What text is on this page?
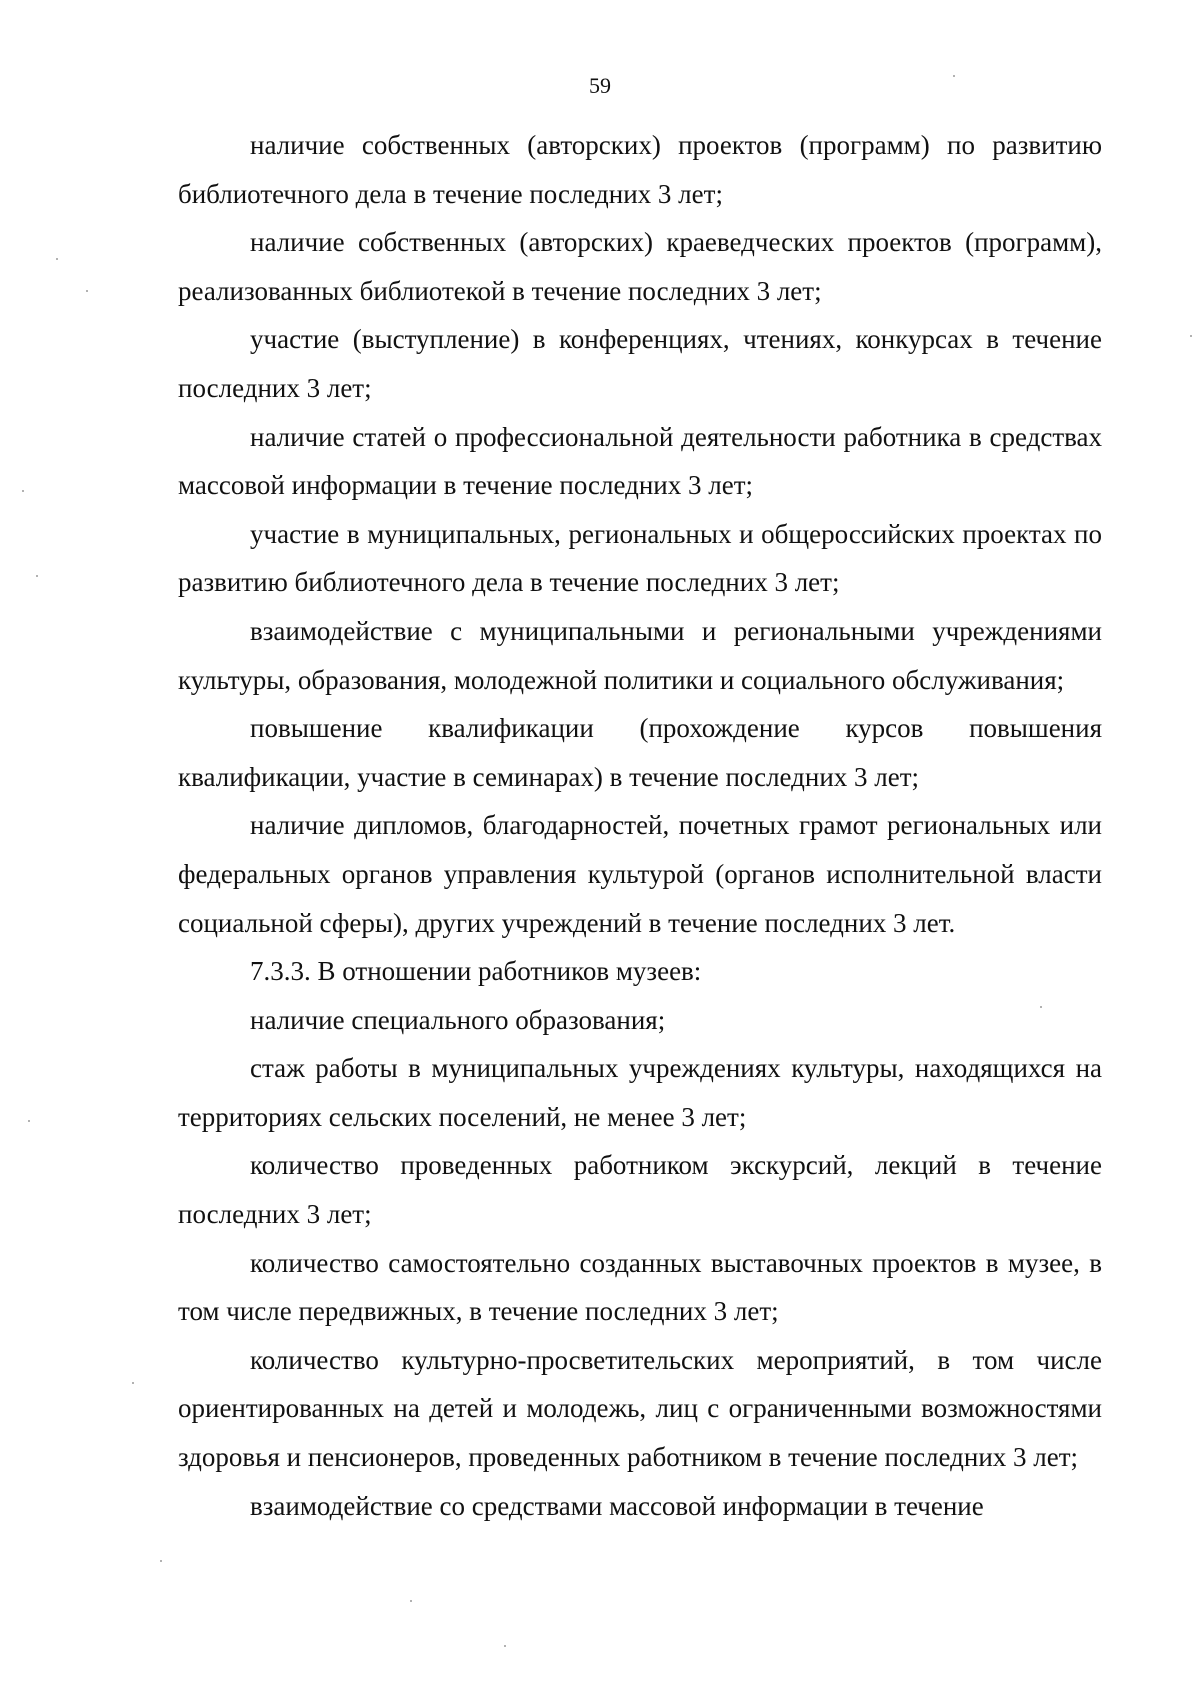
59

наличие собственных (авторских) проектов (программ) по развитию библиотечного дела в течение последних 3 лет;

наличие собственных (авторских) краеведческих проектов (программ), реализованных библиотекой в течение последних 3 лет;

участие (выступление) в конференциях, чтениях, конкурсах в течение последних 3 лет;

наличие статей о профессиональной деятельности работника в средствах массовой информации в течение последних 3 лет;

участие в муниципальных, региональных и общероссийских проектах по развитию библиотечного дела в течение последних 3 лет;

взаимодействие с муниципальными и региональными учреждениями культуры, образования, молодежной политики и социального обслуживания;

повышение квалификации (прохождение курсов повышения квалификации, участие в семинарах) в течение последних 3 лет;

наличие дипломов, благодарностей, почетных грамот региональных или федеральных органов управления культурой (органов исполнительной власти социальной сферы), других учреждений в течение последних 3 лет.

7.3.3. В отношении работников музеев:

наличие специального образования;

стаж работы в муниципальных учреждениях культуры, находящихся на территориях сельских поселений, не менее 3 лет;

количество проведенных работником экскурсий, лекций в течение последних 3 лет;

количество самостоятельно созданных выставочных проектов в музее, в том числе передвижных, в течение последних 3 лет;

количество культурно-просветительских мероприятий, в том числе ориентированных на детей и молодежь, лиц с ограниченными возможностями здоровья и пенсионеров, проведенных работником в течение последних 3 лет;

взаимодействие со средствами массовой информации в течение
